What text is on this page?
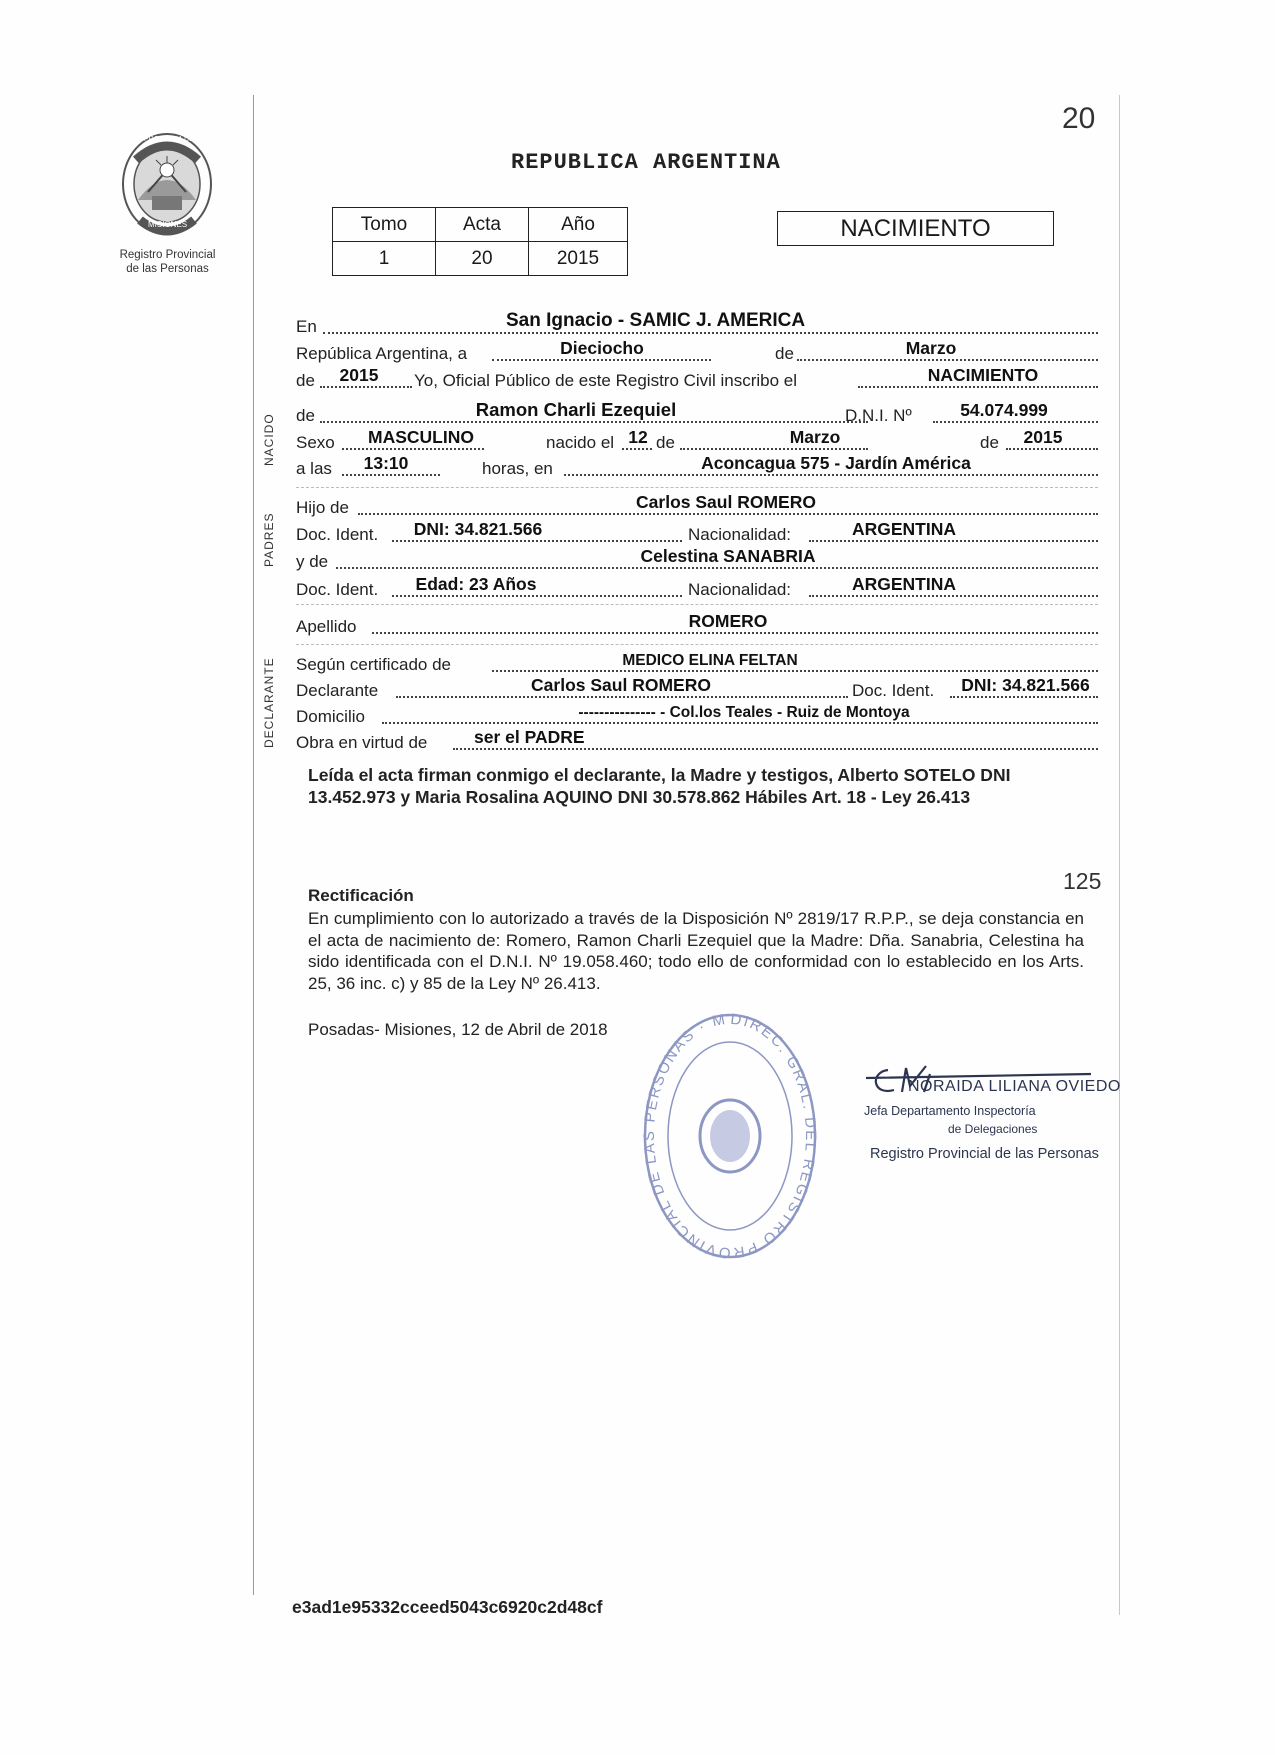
20
PROVINCIA DE
MISIONES
Registro Provincial
de las Personas
REPUBLICA ARGENTINA
Tomo	Acta	Año
1	20	2015
NACIMIENTO
NACIDO
PADRES
DECLARANTE
En	San Ignacio - SAMIC J. AMERICA
República Argentina, a	Dieciocho	de	Marzo
de	2015	Yo, Oficial Público de este Registro Civil inscribo el	NACIMIENTO
de	Ramon Charli Ezequiel	D.N.I. Nº	54.074.999
Sexo MASCULINO	nacido el 12 de	Marzo	de	2015
a las	13:10	horas, en	Aconcagua 575 - Jardín América
Hijo de	Carlos Saul ROMERO
Doc. Ident.	DNI: 34.821.566	Nacionalidad:	ARGENTINA
y de	Celestina SANABRIA
Doc. Ident.	Edad: 23 Años	Nacionalidad:	ARGENTINA
Apellido	ROMERO
Según certificado de	MEDICO ELINA FELTAN
Declarante	Carlos Saul ROMERO	Doc. Ident.	DNI: 34.821.566
Domicilio	--------------- - Col.los Teales - Ruiz de Montoya
Obra en virtud de	ser el PADRE
Leída el acta firman conmigo el declarante, la Madre y testigos, Alberto SOTELO DNI 13.452.973 y Maria Rosalina AQUINO DNI 30.578.862 Hábiles Art. 18 - Ley 26.413
125
Rectificación
En cumplimiento con lo autorizado a través de la Disposición Nº 2819/17 R.P.P., se deja constancia en el acta de nacimiento de: Romero, Ramon Charli Ezequiel que la Madre: Dña. Sanabria, Celestina ha sido identificada con el D.N.I. Nº 19.058.460; todo ello de conformidad con lo establecido en los Arts. 25, 36 inc. c) y 85 de la Ley Nº 26.413.
Posadas- Misiones, 12 de Abril de 2018
DIREC. GRAL. DEL REGISTRO PROVINCIAL DE LAS PERSONAS · M
NORAIDA LILIANA OVIEDO
Jefa Departamento Inspectoría
de Delegaciones
Registro Provincial de las Personas
e3ad1e95332cceed5043c6920c2d48cf
